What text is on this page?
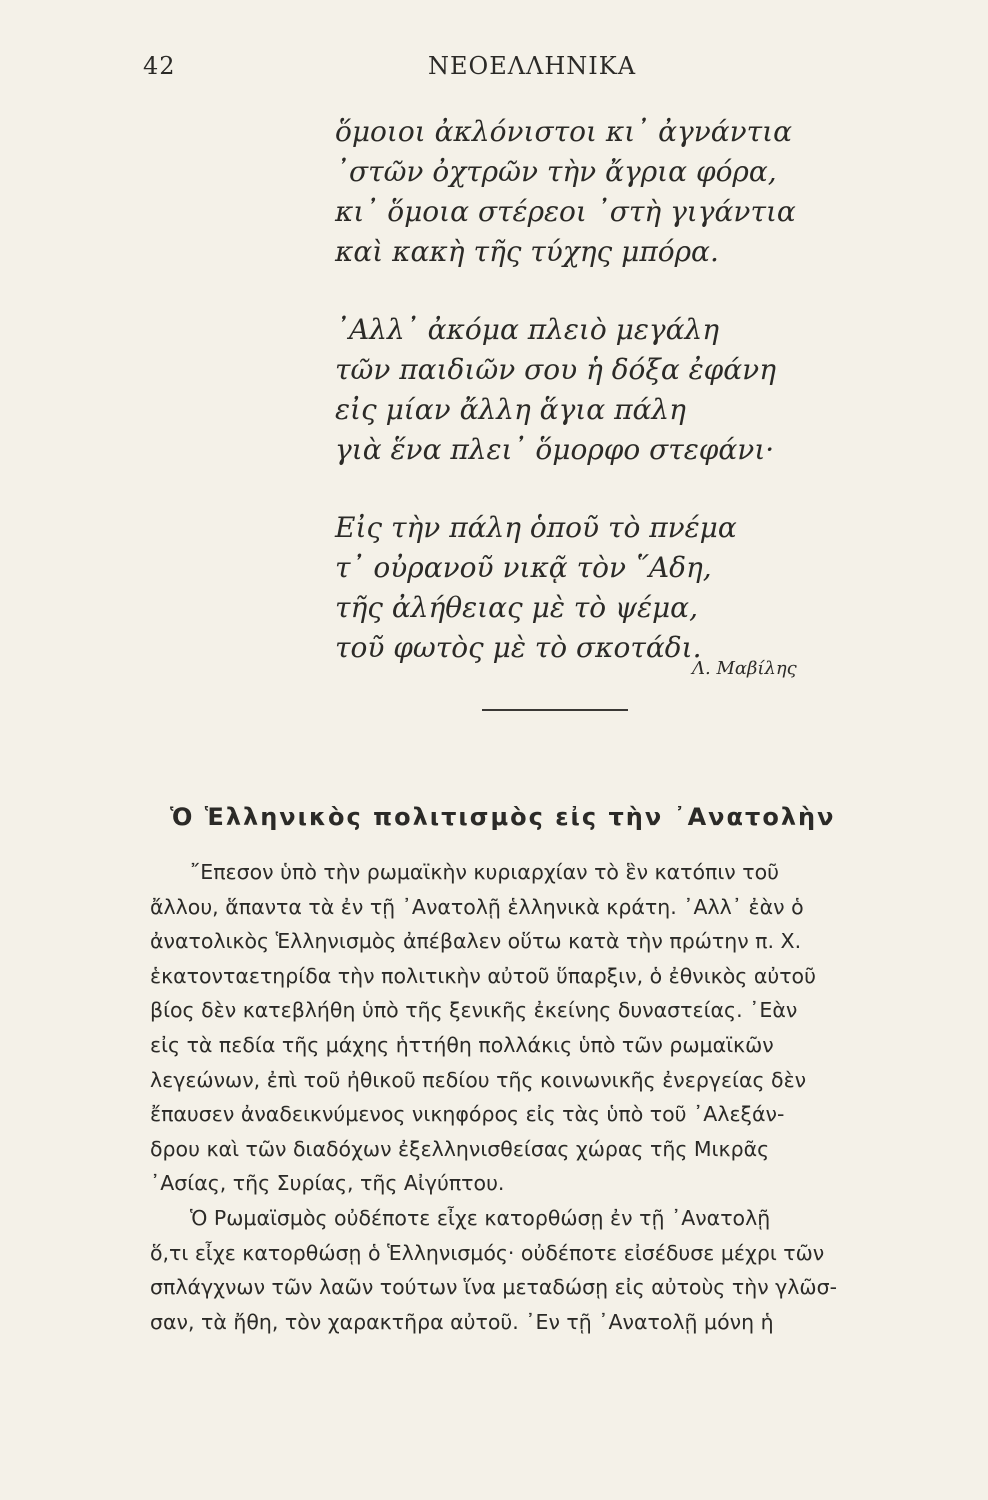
42	ΝΕΟΕΛΛΗΝΙΚΑ
ὅμοιοι ἀκλόνιστοι κι᾽ ἀγνάντια
᾽στῶν ὀχτρῶν τὴν ἄγρια φόρα,
κι᾽ ὅμοια στέρεοι ᾽στὴ γιγάντια
καὶ κακὴ τῆς τύχης μπόρα.
᾽Αλλ᾽ ἀκόμα πλειὸ μεγάλη
τῶν παιδιῶν σου ἡ δόξα ἐφάνη
εἰς μίαν ἄλλη ἅγια πάλη
γιὰ ἕνα πλει᾽ ὅμορφο στεφάνι·
Εἰς τὴν πάλη ὁποῦ τὸ πνέμα
τ᾽ οὐρανοῦ νικᾷ τὸν ῞Αδη,
τῆς ἀλήθειας μὲ τὸ ψέμα,
τοῦ φωτὸς μὲ τὸ σκοτάδι.
Λ. Μαβίλης
Ὁ Ἑλληνικὸς πολιτισμὸς εἰς τὴν ᾽Ανατολὴν
῎Επεσον ὑπὸ τὴν ρωμαϊκὴν κυριαρχίαν τὸ ἓν κατόπιν τοῦ
ἄλλου, ἅπαντα τὰ ἐν τῇ ᾽Ανατολῇ ἑλληνικὰ κράτη. ᾽Αλλ᾽ ἐὰν ὁ
ἀνατολικὸς Ἑλληνισμὸς ἀπέβαλεν οὕτω κατὰ τὴν πρώτην π. Χ.
ἑκατονταετηρίδα τὴν πολιτικὴν αὐτοῦ ὕπαρξιν, ὁ ἐθνικὸς αὐτοῦ
βίος δὲν κατεβλήθη ὑπὸ τῆς ξενικῆς ἐκείνης δυναστείας. ᾽Εὰν
εἰς τὰ πεδία τῆς μάχης ἡττήθη πολλάκις ὑπὸ τῶν ρωμαϊκῶν
λεγεώνων, ἐπὶ τοῦ ἠθικοῦ πεδίου τῆς κοινωνικῆς ἐνεργείας δὲν
ἔπαυσεν ἀναδεικνύμενος νικηφόρος εἰς τὰς ὑπὸ τοῦ ᾽Αλεξάν-
δρου καὶ τῶν διαδόχων ἐξελληνισθείσας χώρας τῆς Μικρᾶς
᾽Ασίας, τῆς Συρίας, τῆς Αἰγύπτου.
Ὁ Ρωμαϊσμὸς οὐδέποτε εἶχε κατορθώσῃ ἐν τῇ ᾽Ανατολῇ
ὅ,τι εἶχε κατορθώσῃ ὁ Ἑλληνισμός· οὐδέποτε εἰσέδυσε μέχρι τῶν
σπλάγχνων τῶν λαῶν τούτων ἵνα μεταδώσῃ εἰς αὐτοὺς τὴν γλῶσ-
σαν, τὰ ἤθη, τὸν χαρακτῆρα αὐτοῦ. ᾽Εν τῇ ᾽Ανατολῇ μόνη ἡ
